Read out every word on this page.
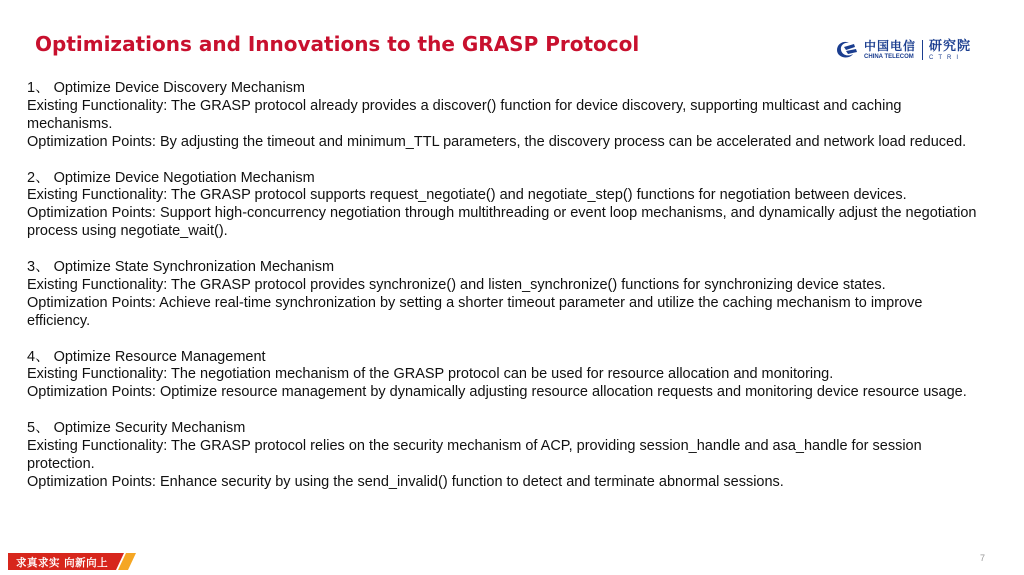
Optimizations and Innovations to the GRASP Protocol	中国电信
CHINA TELECOM
研究院
CTRI

1、 Optimize Device Discovery Mechanism

Existing Functionality: The GRASP protocol already provides a discover() function for device discovery, supporting multicast and caching mechanisms.

Optimization Points: By adjusting the timeout and minimum_TTL parameters, the discovery process can be accelerated and network load reduced.

2、 Optimize Device Negotiation Mechanism

Existing Functionality: The GRASP protocol supports request_negotiate() and negotiate_step() functions for negotiation between devices.

Optimization Points: Support high-concurrency negotiation through multithreading or event loop mechanisms, and dynamically adjust the negotiation process using negotiate_wait().

3、 Optimize State Synchronization Mechanism

Existing Functionality: The GRASP protocol provides synchronize() and listen_synchronize() functions for synchronizing device states.

Optimization Points: Achieve real-time synchronization by setting a shorter timeout parameter and utilize the caching mechanism to improve efficiency.

4、 Optimize Resource Management

Existing Functionality: The negotiation mechanism of the GRASP protocol can be used for resource allocation and monitoring.

Optimization Points: Optimize resource management by dynamically adjusting resource allocation requests and monitoring device resource usage.

5、 Optimize Security Mechanism

Existing Functionality: The GRASP protocol relies on the security mechanism of ACP, providing session_handle and asa_handle for session protection.

Optimization Points: Enhance security by using the send_invalid() function to detect and terminate abnormal sessions.

求真求实 向新向上	7
